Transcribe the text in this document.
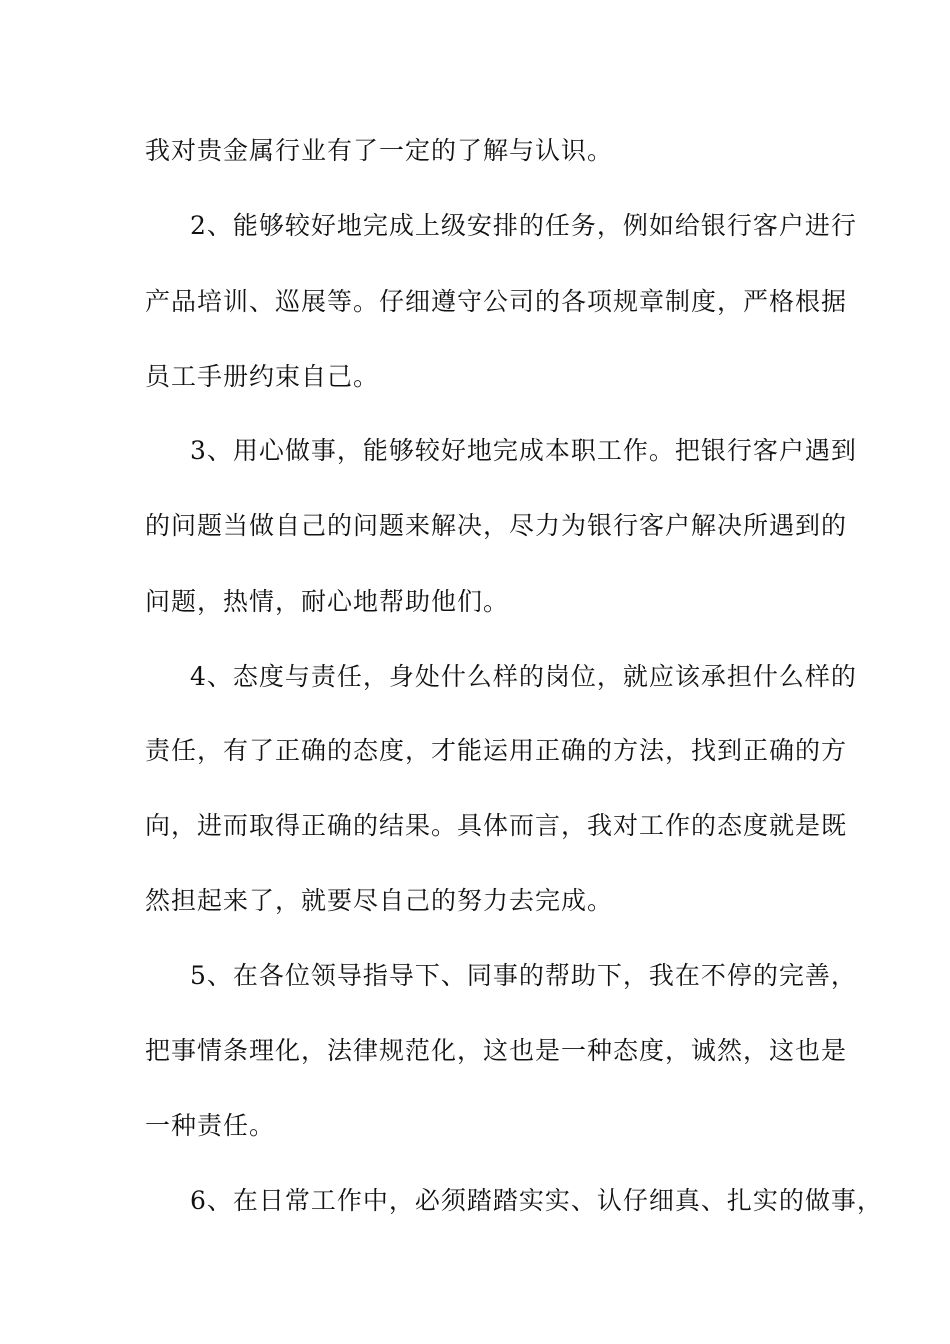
我对贵金属行业有了一定的了解与认识。
2、能够较好地完成上级安排的任务，例如给银行客户进行
产品培训、巡展等。仔细遵守公司的各项规章制度，严格根据
员工手册约束自己。
3、用心做事，能够较好地完成本职工作。把银行客户遇到
的问题当做自己的问题来解决，尽力为银行客户解决所遇到的
问题，热情，耐心地帮助他们。
4、态度与责任，身处什么样的岗位，就应该承担什么样的
责任，有了正确的态度，才能运用正确的方法，找到正确的方
向，进而取得正确的结果。具体而言，我对工作的态度就是既
然担起来了，就要尽自己的努力去完成。
5、在各位领导指导下、同事的帮助下，我在不停的完善，
把事情条理化，法律规范化，这也是一种态度，诚然，这也是
一种责任。
6、在日常工作中，必须踏踏实实、认仔细真、扎实的做事，
